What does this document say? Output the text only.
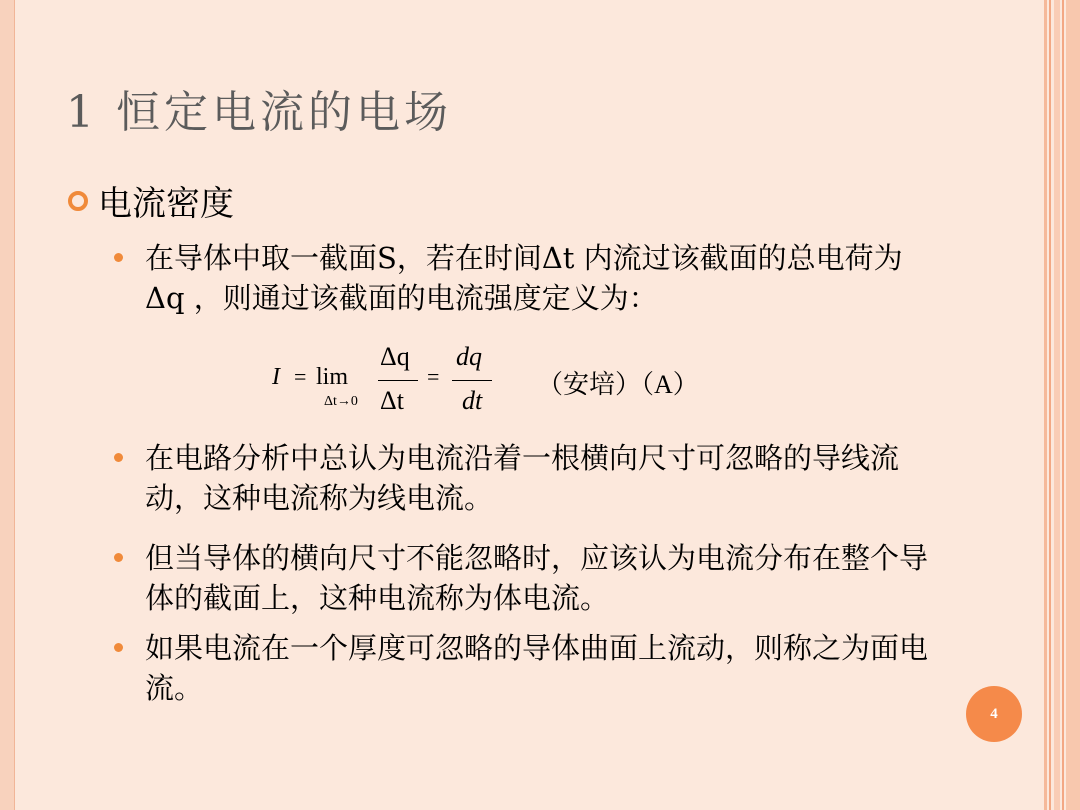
1 恒定电流的电场
电流密度
在导体中取一截面S，若在时间Δt 内流过该截面的总电荷为 Δq ，则通过该截面的电流强度定义为：
I = lim
Δt→0
Δq
Δt
=
dq
dt
（安培）（A）
在电路分析中总认为电流沿着一根横向尺寸可忽略的导线流动，这种电流称为线电流。
但当导体的横向尺寸不能忽略时，应该认为电流分布在整个导体的截面上，这种电流称为体电流。
如果电流在一个厚度可忽略的导体曲面上流动，则称之为面电流。
4
